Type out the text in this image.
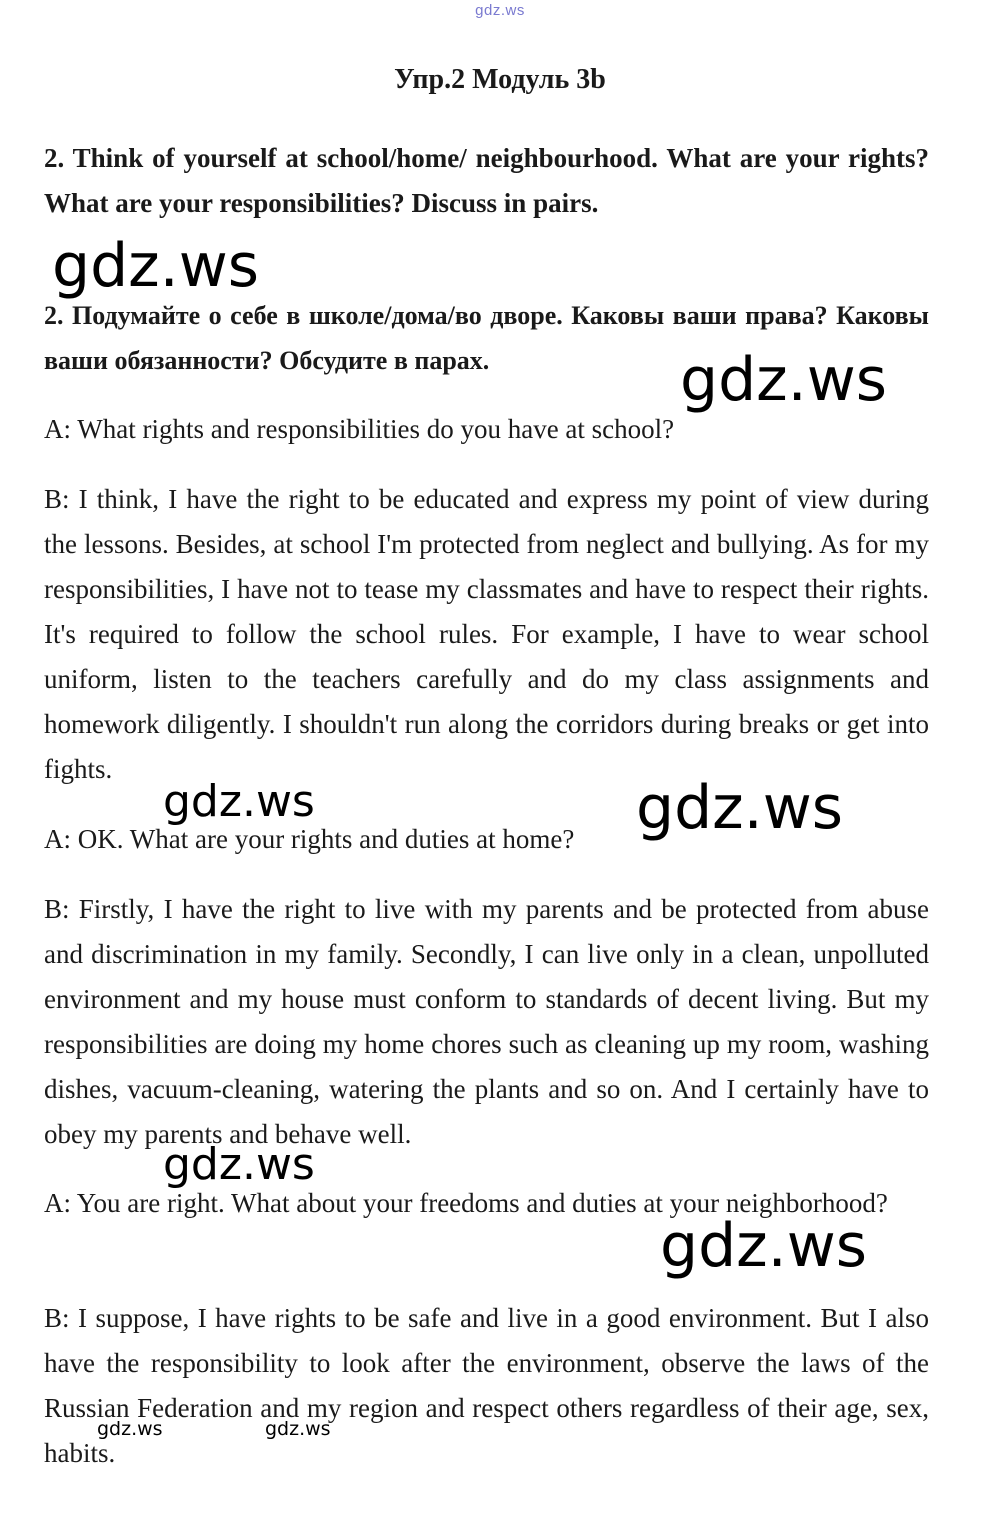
gdz.ws
Упр.2 Модуль 3b
2. Think of yourself at school/home/ neighbourhood. What are your rights? What are your responsibilities? Discuss in pairs.
2. Подумайте о себе в школе/дома/во дворе. Каковы ваши права? Каковы ваши обязанности? Обсудите в парах.
A: What rights and responsibilities do you have at school?
B: I think, I have the right to be educated and express my point of view during the lessons. Besides, at school I'm protected from neglect and bullying. As for my responsibilities, I have not to tease my classmates and have to respect their rights. It's required to follow the school rules. For example, I have to wear school uniform, listen to the teachers carefully and do my class assignments and homework diligently. I shouldn't run along the corridors during breaks or get into fights.
A: OK. What are your rights and duties at home?
B: Firstly, I have the right to live with my parents and be protected from abuse and discrimination in my family. Secondly, I can live only in a clean, unpolluted environment and my house must conform to standards of decent living. But my responsibilities are doing my home chores such as cleaning up my room, washing dishes, vacuum-cleaning, watering the plants and so on. And I certainly have to obey my parents and behave well.
A: You are right. What about your freedoms and duties at your neighborhood?
B: I suppose, I have rights to be safe and live in a good environment. But I also have the responsibility to look after the environment, observe the laws of the Russian Federation and my region and respect others regardless of their age, sex, habits.
gdz.ws
gdz.ws
gdz.ws	gdz.ws
gdz.ws
gdz.ws
gdz.ws	gdz.ws
